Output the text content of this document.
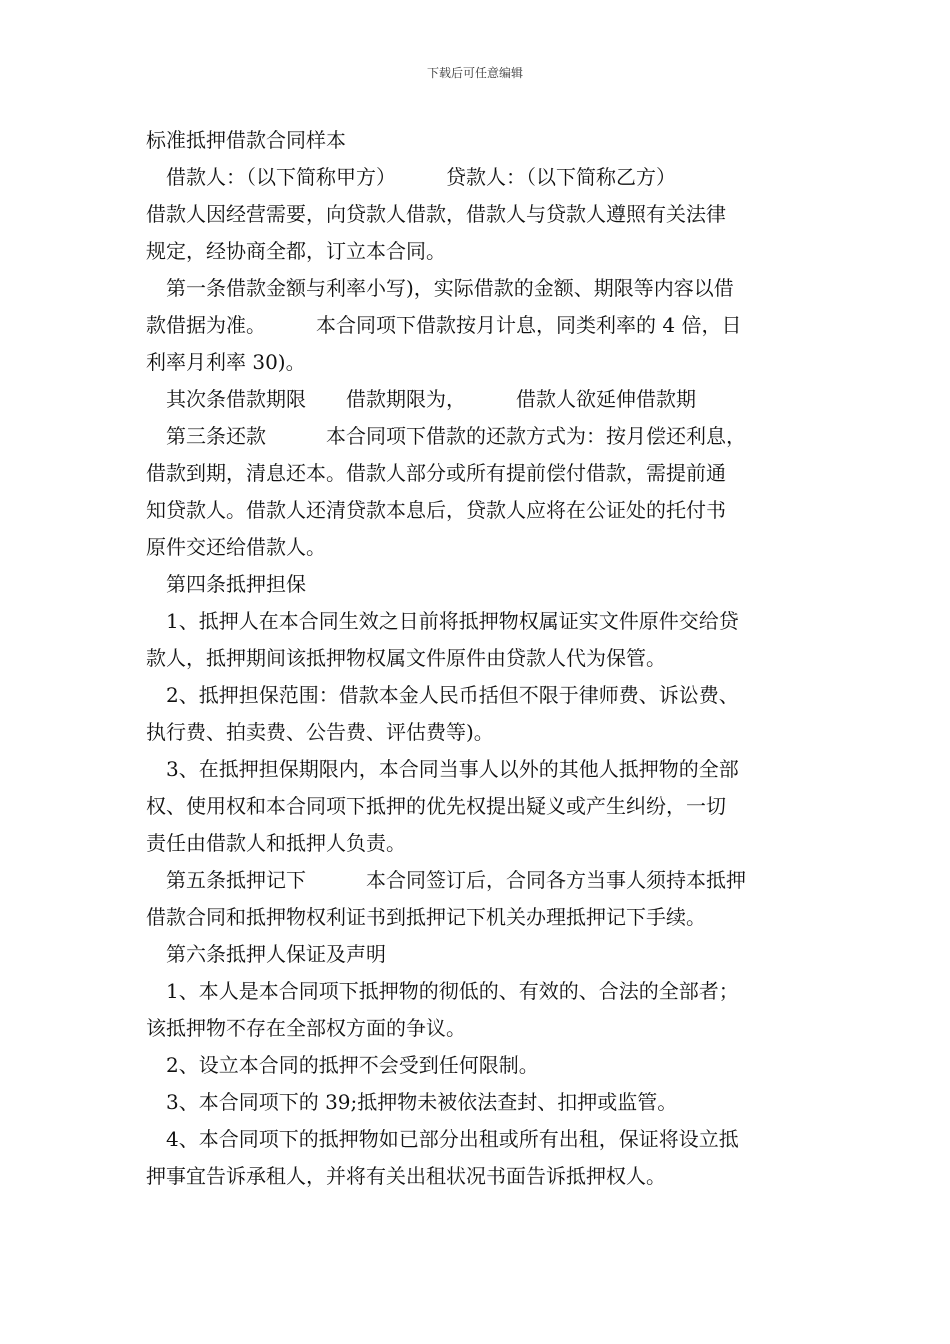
下载后可任意编辑
标准抵押借款合同样本
　借款人：（以下简称甲方）　　　贷款人：（以下简称乙方）
借款人因经营需要，向贷款人借款，借款人与贷款人遵照有关法律
规定，经协商全都，订立本合同。
　第一条借款金额与利率小写)，实际借款的金额、期限等内容以借
款借据为准。　　　本合同项下借款按月计息，同类利率的 4 倍，日
利率月利率 30)。
　其次条借款期限　　借款期限为，　　　借款人欲延伸借款期
　第三条还款　　　本合同项下借款的还款方式为：按月偿还利息，
借款到期，清息还本。借款人部分或所有提前偿付借款，需提前通
知贷款人。借款人还清贷款本息后，贷款人应将在公证处的托付书
原件交还给借款人。
　第四条抵押担保
　1、抵押人在本合同生效之日前将抵押物权属证实文件原件交给贷
款人，抵押期间该抵押物权属文件原件由贷款人代为保管。
　2、抵押担保范围：借款本金人民币括但不限于律师费、诉讼费、
执行费、拍卖费、公告费、评估费等)。
　3、在抵押担保期限内，本合同当事人以外的其他人抵押物的全部
权、使用权和本合同项下抵押的优先权提出疑义或产生纠纷，一切
责任由借款人和抵押人负责。
　第五条抵押记下　　　本合同签订后，合同各方当事人须持本抵押
借款合同和抵押物权利证书到抵押记下机关办理抵押记下手续。
　第六条抵押人保证及声明
　1、本人是本合同项下抵押物的彻低的、有效的、合法的全部者；
该抵押物不存在全部权方面的争议。
　2、设立本合同的抵押不会受到任何限制。
　3、本合同项下的 39;抵押物未被依法查封、扣押或监管。
　4、本合同项下的抵押物如已部分出租或所有出租，保证将设立抵
押事宜告诉承租人，并将有关出租状况书面告诉抵押权人。
